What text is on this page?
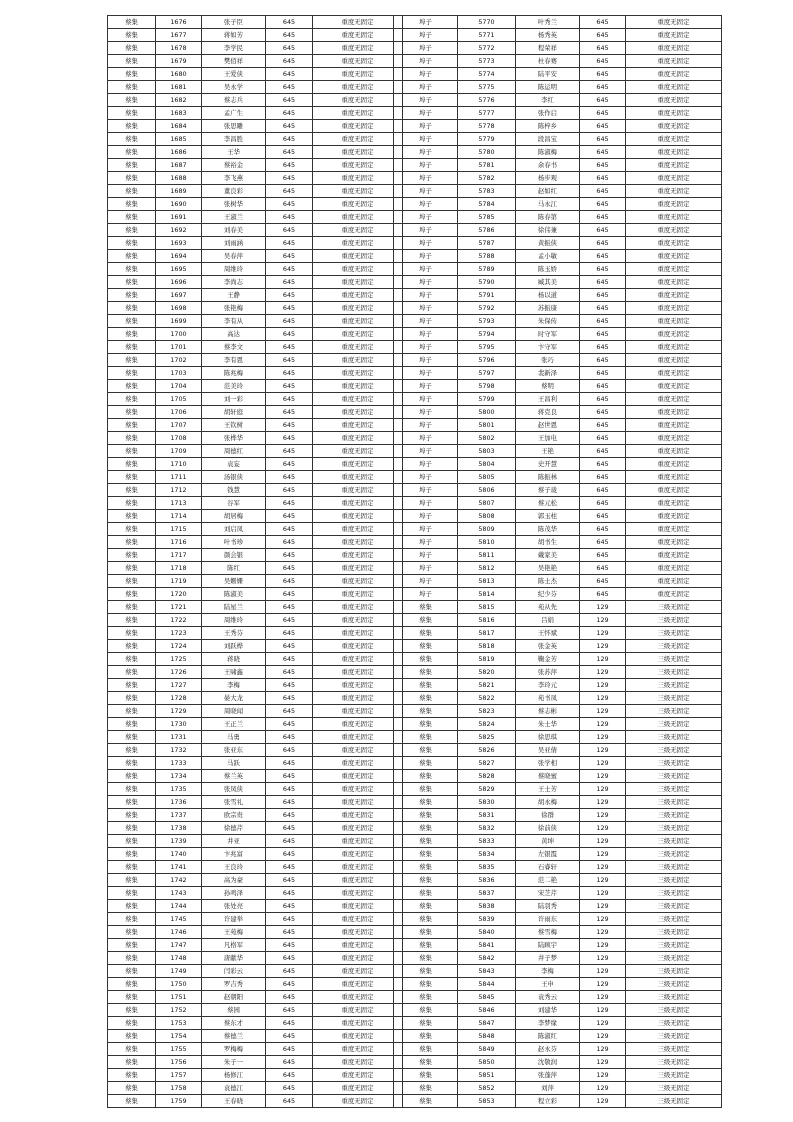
蔡集	1676	张子臣	645	重度无固定
蔡集	1677	蒋如芳	645	重度无固定
蔡集	1678	李学民	645	重度无固定
蔡集	1679	樊佰祥	645	重度无固定
蔡集	1680	王爱侠	645	重度无固定
蔡集	1681	吴永学	645	重度无固定
蔡集	1682	蔡志兵	645	重度无固定
蔡集	1683	孟广生	645	重度无固定
蔡集	1684	张思雕	645	重度无固定
蔡集	1685	李昌胜	645	重度无固定
蔡集	1686	王华	645	重度无固定
蔡集	1687	蔡裕金	645	重度无固定
蔡集	1688	李飞燕	645	重度无固定
蔡集	1689	董良彩	645	重度无固定
蔡集	1690	张树华	645	重度无固定
蔡集	1691	王淑兰	645	重度无固定
蔡集	1692	刘春美	645	重度无固定
蔡集	1693	刘雨涵	645	重度无固定
蔡集	1694	吴春萍	645	重度无固定
蔡集	1695	周维玲	645	重度无固定
蔡集	1696	李尚志	645	重度无固定
蔡集	1697	王静	645	重度无固定
蔡集	1698	张艳梅	645	重度无固定
蔡集	1699	李有从	645	重度无固定
蔡集	1700	高达	645	重度无固定
蔡集	1701	蔡李文	645	重度无固定
蔡集	1702	李有恩	645	重度无固定
蔡集	1703	陈兆梅	645	重度无固定
蔡集	1704	范美玲	645	重度无固定
蔡集	1705	刘一彩	645	重度无固定
蔡集	1706	胡轩庭	645	重度无固定
蔡集	1707	王钦树	645	重度无固定
蔡集	1708	张桦华	645	重度无固定
蔡集	1709	周德红	645	重度无固定
蔡集	1710	袁妄	645	重度无固定
蔡集	1711	汤银侠	645	重度无固定
蔡集	1712	钱慧	645	重度无固定
蔡集	1713	谷军	645	重度无固定
蔡集	1714	胡居梅	645	重度无固定
蔡集	1715	刘启凤	645	重度无固定
蔡集	1716	叶书珍	645	重度无固定
蔡集	1717	颜会银	645	重度无固定
蔡集	1718	陈红	645	重度无固定
蔡集	1719	吴姗姗	645	重度无固定
蔡集	1720	陈淑美	645	重度无固定
蔡集	1721	陆星兰	645	重度无固定
蔡集	1722	周维玲	645	重度无固定
蔡集	1723	王秀芬	645	重度无固定
蔡集	1724	刘跃桦	645	重度无固定
蔡集	1725	蒋晓	645	重度无固定
蔡集	1726	王啸鑫	645	重度无固定
蔡集	1727	李梅	645	重度无固定
蔡集	1728	晏大龙	645	重度无固定
蔡集	1729	周晓闻	645	重度无固定
蔡集	1730	王正兰	645	重度无固定
蔡集	1731	马勇	645	重度无固定
蔡集	1732	张亚东	645	重度无固定
蔡集	1733	马跃	645	重度无固定
蔡集	1734	蔡兰英	645	重度无固定
蔡集	1735	张凤侠	645	重度无固定
蔡集	1736	张雪礼	645	重度无固定
蔡集	1737	欧宗贵	645	重度无固定
蔡集	1738	徐德芹	645	重度无固定
蔡集	1739	井亚	645	重度无固定
蔡集	1740	卞兆富	645	重度无固定
蔡集	1741	王良玲	645	重度无固定
蔡集	1742	高为豪	645	重度无固定
蔡集	1743	孙鸣泽	645	重度无固定
蔡集	1744	张处亮	645	重度无固定
蔡集	1745	许建举	645	重度无固定
蔡集	1746	王苑梅	645	重度无固定
蔡集	1747	凡格军	645	重度无固定
蔡集	1748	唐献华	645	重度无固定
蔡集	1749	闫彩云	645	重度无固定
蔡集	1750	罗吉秀	645	重度无固定
蔡集	1751	赵朝阳	645	重度无固定
蔡集	1752	蔡园	645	重度无固定
蔡集	1753	蔡东才	645	重度无固定
蔡集	1754	蔡德兰	645	重度无固定
蔡集	1755	罗梅梅	645	重度无固定
蔡集	1756	朱子一	645	重度无固定
蔡集	1757	杨修江	645	重度无固定
蔡集	1758	袁德江	645	重度无固定
蔡集	1759	王春晓	645	重度无固定
埠子	5770	叶秀兰	645	重度无固定
埠子	5771	杨秀英	645	重度无固定
埠子	5772	程荣祥	645	重度无固定
埠子	5773	杜春赛	645	重度无固定
埠子	5774	陆平安	645	重度无固定
埠子	5775	陈运明	645	重度无固定
埠子	5776	李红	645	重度无固定
埠子	5777	张作启	645	重度无固定
埠子	5778	陈梓乡	645	重度无固定
埠子	5779	段昌宝	645	重度无固定
埠子	5780	陈淑梅	645	重度无固定
埠子	5781	余春书	645	重度无固定
埠子	5782	杨步观	645	重度无固定
埠子	5783	赵如红	645	重度无固定
埠子	5784	马永江	645	重度无固定
埠子	5785	陈春第	645	重度无固定
埠子	5786	徐伟兼	645	重度无固定
埠子	5787	黄振侠	645	重度无固定
埠子	5788	孟小敏	645	重度无固定
埠子	5789	陈玉娇	645	重度无固定
埠子	5790	臧其美	645	重度无固定
埠子	5791	杨以道	645	重度无固定
埠子	5792	苏振康	645	重度无固定
埠子	5793	朱保传	645	重度无固定
埠子	5794	时守军	645	重度无固定
埠子	5795	卞守军	645	重度无固定
埠子	5796	张巧	645	重度无固定
埠子	5797	裴新泽	645	重度无固定
埠子	5798	蔡明	645	重度无固定
埠子	5799	王昌利	645	重度无固定
埠子	5800	蒋克良	645	重度无固定
埠子	5801	赵世恩	645	重度无固定
埠子	5802	王加电	645	重度无固定
埠子	5803	王艳	645	重度无固定
埠子	5804	史开慧	645	重度无固定
埠子	5805	陈振林	645	重度无固定
埠子	5806	蔡子珑	645	重度无固定
埠子	5807	蔡元松	645	重度无固定
埠子	5808	郭玉柱	645	重度无固定
埠子	5809	陈茂华	645	重度无固定
埠子	5810	胡书生	645	重度无固定
埠子	5811	戴家美	645	重度无固定
埠子	5812	吴艳艳	645	重度无固定
埠子	5813	陈士杰	645	重度无固定
埠子	5814	纪少芬	645	重度无固定
蔡集	5815	苑从先	129	三级无固定
蔡集	5816	吕娟	129	三级无固定
蔡集	5817	王怀斌	129	三级无固定
蔡集	5818	张金英	129	三级无固定
蔡集	5819	鞠金芳	129	三级无固定
蔡集	5820	张苏萍	129	三级无固定
蔡集	5821	李玲元	129	三级无固定
蔡集	5822	苑书凤	129	三级无固定
蔡集	5823	蔡志彬	129	三级无固定
蔡集	5824	朱士华	129	三级无固定
蔡集	5825	徐思琪	129	三级无固定
蔡集	5826	吴亚倩	129	三级无固定
蔡集	5827	张学相	129	三级无固定
蔡集	5828	蔡晓蜜	129	三级无固定
蔡集	5829	王士芳	129	三级无固定
蔡集	5830	胡永梅	129	三级无固定
蔡集	5831	徐群	129	三级无固定
蔡集	5832	徐前侠	129	三级无固定
蔡集	5833	黄坤	129	三级无固定
蔡集	5834	左银霞	129	三级无固定
蔡集	5835	石睿轩	129	三级无固定
蔡集	5836	范二艳	129	三级无固定
蔡集	5837	宋芝芹	129	三级无固定
蔡集	5838	陆羽秀	129	三级无固定
蔡集	5839	许雨东	129	三级无固定
蔡集	5840	蔡雪梅	129	三级无固定
蔡集	5841	陆顾宇	129	三级无固定
蔡集	5842	井子梦	129	三级无固定
蔡集	5843	李梅	129	三级无固定
蔡集	5844	王申	129	三级无固定
蔡集	5845	袁秀云	129	三级无固定
蔡集	5846	刘建华	129	三级无固定
蔡集	5847	李梦缘	129	三级无固定
蔡集	5848	陈淑红	129	三级无固定
蔡集	5849	赵永芬	129	三级无固定
蔡集	5850	沈敬润	129	三级无固定
蔡集	5851	张蓬萍	129	三级无固定
蔡集	5852	刘萍	129	三级无固定
蔡集	5853	程立彩	129	三级无固定
